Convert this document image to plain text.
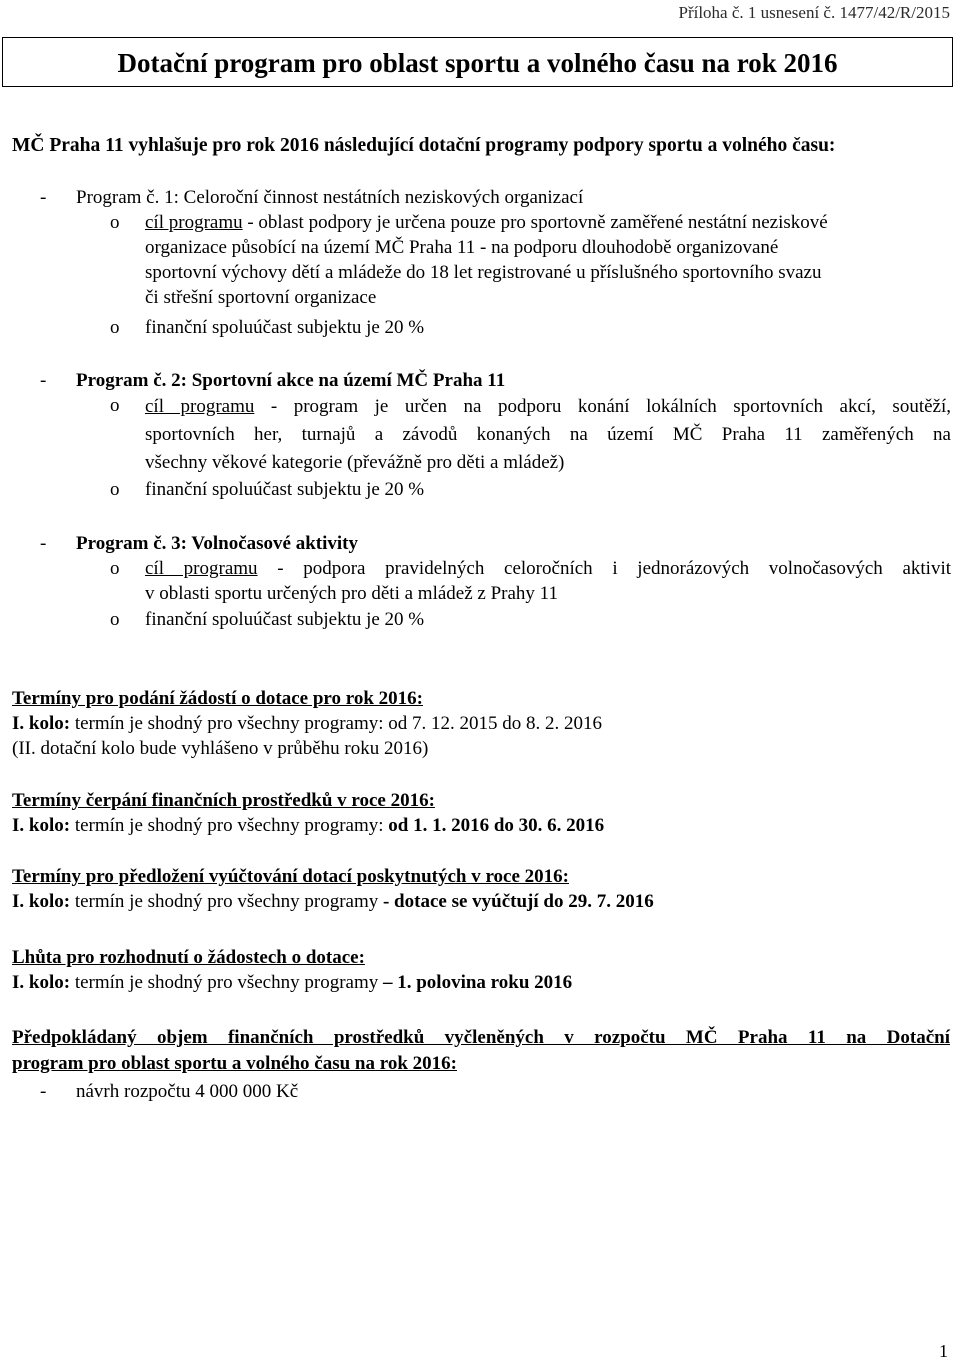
Příloha č. 1 usnesení č. 1477/42/R/2015
Dotační program pro oblast sportu a volného času na rok 2016
MČ Praha 11 vyhlašuje pro rok 2016 následující dotační programy podpory sportu a volného času:
- Program č. 1: Celoroční činnost nestátních neziskových organizací
o cíl programu - oblast podpory je určena pouze pro sportovně zaměřené nestátní neziskové
organizace působící na území MČ Praha 11 - na podporu dlouhodobě organizované
sportovní výchovy dětí a mládeže do 18 let registrované u příslušného sportovního svazu
či střešní sportovní organizace
o finanční spoluúčast subjektu je 20 %
- Program č. 2: Sportovní akce na území MČ Praha 11
o cíl programu - program je určen na podporu konání lokálních sportovních akcí, soutěží,
sportovních her, turnajů a závodů konaných na území MČ Praha 11 zaměřených na
všechny věkové kategorie (převážně pro děti a mládež)
o finanční spoluúčast subjektu je 20 %
- Program č. 3: Volnočasové aktivity
o cíl programu - podpora pravidelných celoročních i jednorázových volnočasových aktivit
v oblasti sportu určených pro děti a mládež z Prahy 11
o finanční spoluúčast subjektu je 20 %
Termíny pro podání žádostí o dotace pro rok 2016:
I. kolo: termín je shodný pro všechny programy: od 7. 12. 2015 do 8. 2. 2016
(II. dotační kolo bude vyhlášeno v průběhu roku 2016)
Termíny čerpání finančních prostředků v roce 2016:
I. kolo: termín je shodný pro všechny programy: od 1. 1. 2016 do 30. 6. 2016
Termíny pro předložení vyúčtování dotací poskytnutých v roce 2016:
I. kolo: termín je shodný pro všechny programy - dotace se vyúčtují do 29. 7. 2016
Lhůta pro rozhodnutí o žádostech o dotace:
I. kolo: termín je shodný pro všechny programy – 1. polovina roku 2016
Předpokládaný objem finančních prostředků vyčleněných v rozpočtu MČ Praha 11 na Dotační
program pro oblast sportu a volného času na rok 2016:
- návrh rozpočtu 4 000 000 Kč
1
